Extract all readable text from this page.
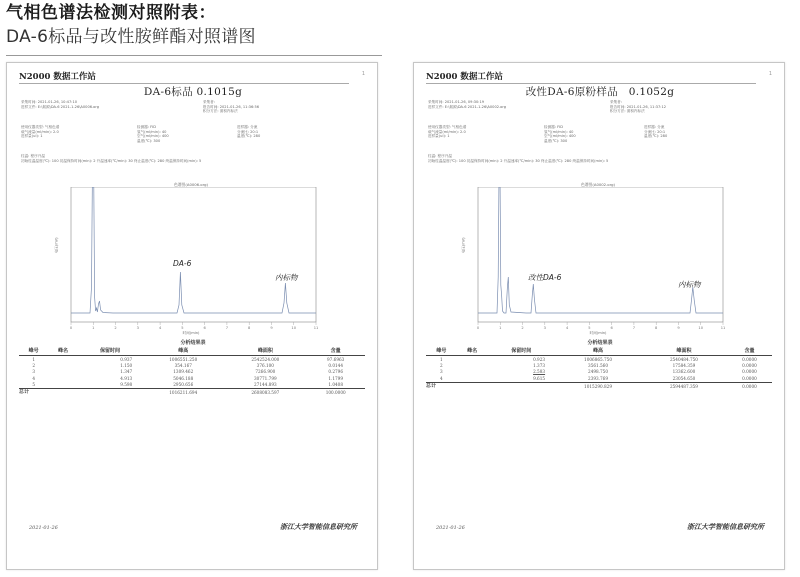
气相色谱法检测对照附表：
DA-6标品与改性胺鲜酯对照谱图
N2000 数据工作站	1
DA-6标品 0.1015g
采集时间: 2021-01-26, 10:47:10
进样文件: E:\氮源\DA-6 2021-1-26\A0006.org
采集者:
报告时间: 2021-01-26, 11:36:56
积分方法: 面积内标法
使用仪器类型: 气相色谱
载气流量(ml/min): 2.0
进样量(ul): 1
检测器: FID
氢气(ml/min): 40
空气(ml/min): 400
温度(℃): 300
进样器: 分流
分流比: 20:1
温度(℃): 280
柱温: 程序升温
初始柱温温度(℃): 100 初温保持时间(min): 2 升温速率(℃/min): 30 终止温度(℃): 280 终温保持时间(min): 5
色谱图(A0006.org)
电压(mV)
0	1	2	3	4	5	6	7	8	9	10	11
时间(min)
DA-6
内标物
分析结果表
峰号	峰名	保留时间	峰高	峰面积	含量
1		0.937	1006551.250	2542524.000	97.6963
2		1.150	354.167	376.100	0.0144
3		1.347	1309.462	7266.900	0.2796
4		4.913	5046.188	30771.799	1.1799
5		9.598	2950.656	27144.893	1.0408
总计			1016211.694	2608083.597	100.0000
2021-01-26	浙江大学智能信息研究所
N2000 数据工作站	1
改性DA-6原粉样品　0.1052g
采集时间: 2021-01-26, 09:30:19
进样文件: E:\氮源\DA-6 2021-1-26\A0002.org
采集者:
报告时间: 2021-01-26, 11:37:12
积分方法: 面积内标法
使用仪器类型: 气相色谱
载气流量(ml/min): 2.0
进样量(ul): 1
检测器: FID
氢气(ml/min): 40
空气(ml/min): 400
温度(℃): 300
进样器: 分流
分流比: 20:1
温度(℃): 280
柱温: 程序升温
初始柱温温度(℃): 100 初温保持时间(min): 2 升温速率(℃/min): 30 终止温度(℃): 280 终温保持时间(min): 5
色谱图(A0002.org)
电压(mV)
0	1	2	3	4	5	6	7	8	9	10	11
时间(min)
改性DA-6
内标物
分析结果表
峰号	峰名	保留时间	峰高	峰面积	含量
1		0.923	1006865.750	2540484.750	0.0000
2		1.373	3561.560	17584.359	0.0000
3		2.583	2498.750	13362.600	0.0000
4		9.615	2393.769	23054.650	0.0000
总计			1015290.829	2594487.359	0.0000
2021-01-26	浙江大学智能信息研究所
